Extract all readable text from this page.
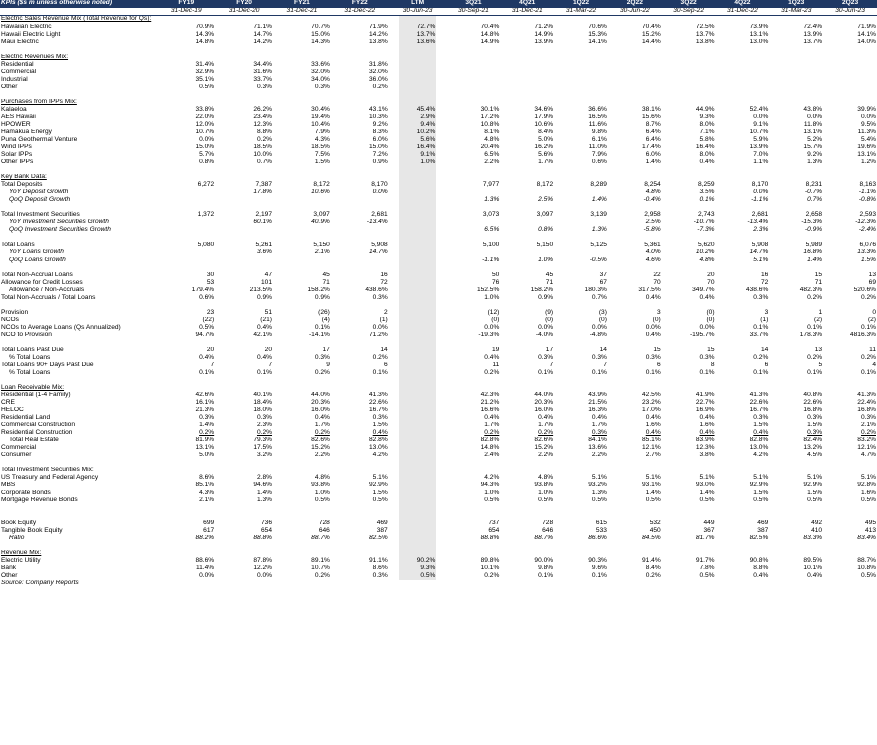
KPIs ($s m unless otherwise noted)	FY19	FY20	FY21	FY22		LTM		3Q21	4Q21	1Q22	2Q22	3Q22	4Q22	1Q23	2Q23
	31-Dec-19	31-Dec-20	31-Dec-21	31-Dec-22		30-Jun-23		30-Sep-21	31-Dec-21	31-Mar-22	30-Jun-22	30-Sep-22	31-Dec-22	31-Mar-23	30-Jun-23
Electric Sales Revenue Mix (Total Revenue for Qs):															
Hawaiian Electric	70.9%	71.1%	70.7%	71.9%		72.7%		70.4%	71.2%	70.6%	70.4%	72.5%	73.9%	72.4%	71.9%
Hawaii Electric Light	14.3%	14.7%	15.0%	14.2%		13.7%		14.8%	14.9%	15.3%	15.2%	13.7%	13.1%	13.9%	14.1%
Maui Electric	14.8%	14.2%	14.3%	13.8%		13.6%		14.9%	13.9%	14.1%	14.4%	13.8%	13.0%	13.7%	14.0%

Electric Revenues Mix:															
Residential	31.4%	34.4%	33.6%	31.8%											
Commercial	32.9%	31.6%	32.0%	32.0%											
Industrial	35.1%	33.7%	34.0%	36.0%											
Other	0.5%	0.3%	0.3%	0.2%											

Purchases from IPPs Mix:															
Kalaeloa	33.8%	26.2%	30.4%	43.1%		45.4%		30.1%	34.6%	36.6%	38.1%	44.9%	52.4%	43.8%	39.9%
AES Hawaii	22.0%	23.4%	19.4%	10.3%		2.9%		17.2%	17.9%	16.5%	15.6%	9.3%	0.0%	0.0%	0.0%
HPOWER	12.0%	12.3%	10.4%	9.2%		9.4%		10.8%	10.6%	11.6%	8.7%	8.0%	9.1%	11.8%	9.5%
Hamakua Energy	10.7%	8.8%	7.9%	8.3%		10.2%		8.1%	8.4%	9.8%	6.4%	7.1%	10.7%	13.1%	11.3%
Puna Geothermal Venture	0.0%	0.2%	4.3%	6.0%		5.6%		4.8%	5.0%	6.1%	6.4%	5.8%	5.9%	5.2%	5.4%
Wind IPPs	15.0%	18.5%	18.5%	15.0%		16.4%		20.4%	16.2%	11.0%	17.4%	16.4%	13.9%	15.7%	19.6%
Solar IPPs	5.7%	10.0%	7.5%	7.2%		9.1%		6.5%	5.6%	7.9%	6.0%	8.0%	7.0%	9.2%	13.1%
Other IPPs	0.8%	0.7%	1.5%	0.9%		1.0%		2.2%	1.7%	0.6%	1.4%	0.4%	1.1%	1.3%	1.2%

Key Bank Data:															
Total Deposits	6,272	7,387	8,172	8,170				7,977	8,172	8,289	8,254	8,259	8,170	8,231	8,163
YoY Deposit Growth		17.8%	10.6%	0.0%							4.8%	3.5%	0.0%	-0.7%	-1.1%
QoQ Deposit Growth								1.3%	2.5%	1.4%	-0.4%	0.1%	-1.1%	0.7%	-0.8%

Total Investment Securities	1,372	2,197	3,097	2,681				3,073	3,097	3,139	2,958	2,743	2,681	2,658	2,593
YoY Investment Securities Growth		60.1%	40.9%	-13.4%							2.5%	-10.7%	-13.4%	-15.3%	-12.3%
QoQ Investment Securities Growth								6.5%	0.8%	1.3%	-5.8%	-7.3%	2.3%	-0.9%	-2.4%

Total Loans	5,080	5,261	5,150	5,908				5,100	5,150	5,125	5,361	5,620	5,908	5,989	6,076
YoY Loans Growth		3.6%	2.1%	14.7%							4.0%	10.2%	14.7%	16.8%	13.3%
QoQ Loans Growth								-1.1%	1.0%	-0.5%	4.6%	4.8%	5.1%	1.4%	1.5%

Total Non-Accrual Loans	30	47	45	16				50	45	37	22	20	16	15	13
Allowance for Credit Losses	53	101	71	72				76	71	67	70	70	72	71	69
Allowance / Non-Accruals	179.4%	213.5%	158.2%	438.6%				152.5%	158.2%	180.3%	317.5%	349.7%	438.6%	482.3%	520.6%
Total Non-Accruals / Total Loans	0.6%	0.9%	0.9%	0.3%				1.0%	0.9%	0.7%	0.4%	0.4%	0.3%	0.2%	0.2%

Provision	23	51	(26)	2				(12)	(9)	(3)	3	(0)	3	1	0
NCOs	(22)	(21)	(4)	(1)				(0)	(0)	(0)	(0)	(0)	(1)	(2)	(2)
NCOs to Average Loans (Qs Annualized)	0.5%	0.4%	0.1%	0.0%				0.0%	0.0%	0.0%	0.0%	0.0%	0.1%	0.1%	0.1%
NCO to Provision	94.7%	42.1%	-14.1%	71.2%				-19.3%	-4.0%	-4.8%	0.4%	-195.7%	33.7%	178.3%	4816.3%

Total Loans Past Due	20	20	17	14				19	17	14	15	15	14	13	11
% Total Loans	0.4%	0.4%	0.3%	0.2%				0.4%	0.3%	0.3%	0.3%	0.3%	0.2%	0.2%	0.2%
Total Loans 90+ Days Past Due	7	7	9	6				11	7	7	6	8	6	5	4
% Total Loans	0.1%	0.1%	0.2%	0.1%				0.2%	0.1%	0.1%	0.1%	0.1%	0.1%	0.1%	0.1%

Loan Receivable Mix:															
Residential (1-4 Family)	42.6%	40.1%	44.0%	41.3%				42.3%	44.0%	43.9%	42.5%	41.9%	41.3%	40.8%	41.3%
CRE	16.1%	18.4%	20.3%	22.6%				21.2%	20.3%	21.5%	23.2%	22.7%	22.6%	22.6%	22.4%
HELOC	21.3%	18.0%	16.0%	16.7%				16.6%	16.0%	16.3%	17.0%	16.9%	16.7%	16.8%	16.8%
Residential Land	0.3%	0.3%	0.4%	0.3%				0.4%	0.4%	0.4%	0.4%	0.4%	0.3%	0.3%	0.3%
Commercial Construction	1.4%	2.3%	1.7%	1.5%				1.7%	1.7%	1.7%	1.6%	1.6%	1.5%	1.5%	2.1%
Residential Construction	0.2%	0.2%	0.2%	0.4%				0.2%	0.2%	0.3%	0.4%	0.4%	0.4%	0.3%	0.2%
Total Real Estate	81.9%	79.3%	82.6%	82.8%				82.8%	82.6%	84.1%	85.1%	83.9%	82.8%	82.4%	83.2%
Commercial	13.1%	17.5%	15.2%	13.0%				14.8%	15.2%	13.6%	12.1%	12.3%	13.0%	13.2%	12.1%
Consumer	5.0%	3.2%	2.2%	4.2%				2.4%	2.2%	2.2%	2.7%	3.8%	4.2%	4.5%	4.7%

Total Investment Securities Mix:															
US Treasury and Federal Agency	8.6%	2.8%	4.8%	5.1%				4.2%	4.8%	5.1%	5.1%	5.1%	5.1%	5.1%	5.1%
MBS	85.1%	94.6%	93.8%	92.9%				94.3%	93.8%	93.2%	93.1%	93.0%	92.9%	92.9%	92.8%
Corporate Bonds	4.3%	1.4%	1.0%	1.5%				1.0%	1.0%	1.3%	1.4%	1.4%	1.5%	1.5%	1.6%
Mortgage Revenue Bonds	2.1%	1.3%	0.5%	0.5%				0.5%	0.5%	0.5%	0.5%	0.5%	0.5%	0.5%	0.5%

Book Equity	699	736	728	469				737	728	615	532	449	469	492	495
Tangible Book Equity	617	654	646	387				654	646	533	450	367	387	410	413
Ratio	88.2%	88.8%	88.7%	82.5%				88.8%	88.7%	86.6%	84.5%	81.7%	82.5%	83.3%	83.4%

Revenue Mix:															
Electric Utility	88.6%	87.8%	89.1%	91.1%		90.2%		89.8%	90.0%	90.3%	91.4%	91.7%	90.8%	89.5%	88.7%
Bank	11.4%	12.2%	10.7%	8.6%		9.3%		10.1%	9.8%	9.6%	8.4%	7.8%	8.8%	10.1%	10.8%
Other	0.0%	0.0%	0.2%	0.3%		0.5%		0.2%	0.1%	0.1%	0.2%	0.5%	0.4%	0.4%	0.5%
Source: Company Reports															
